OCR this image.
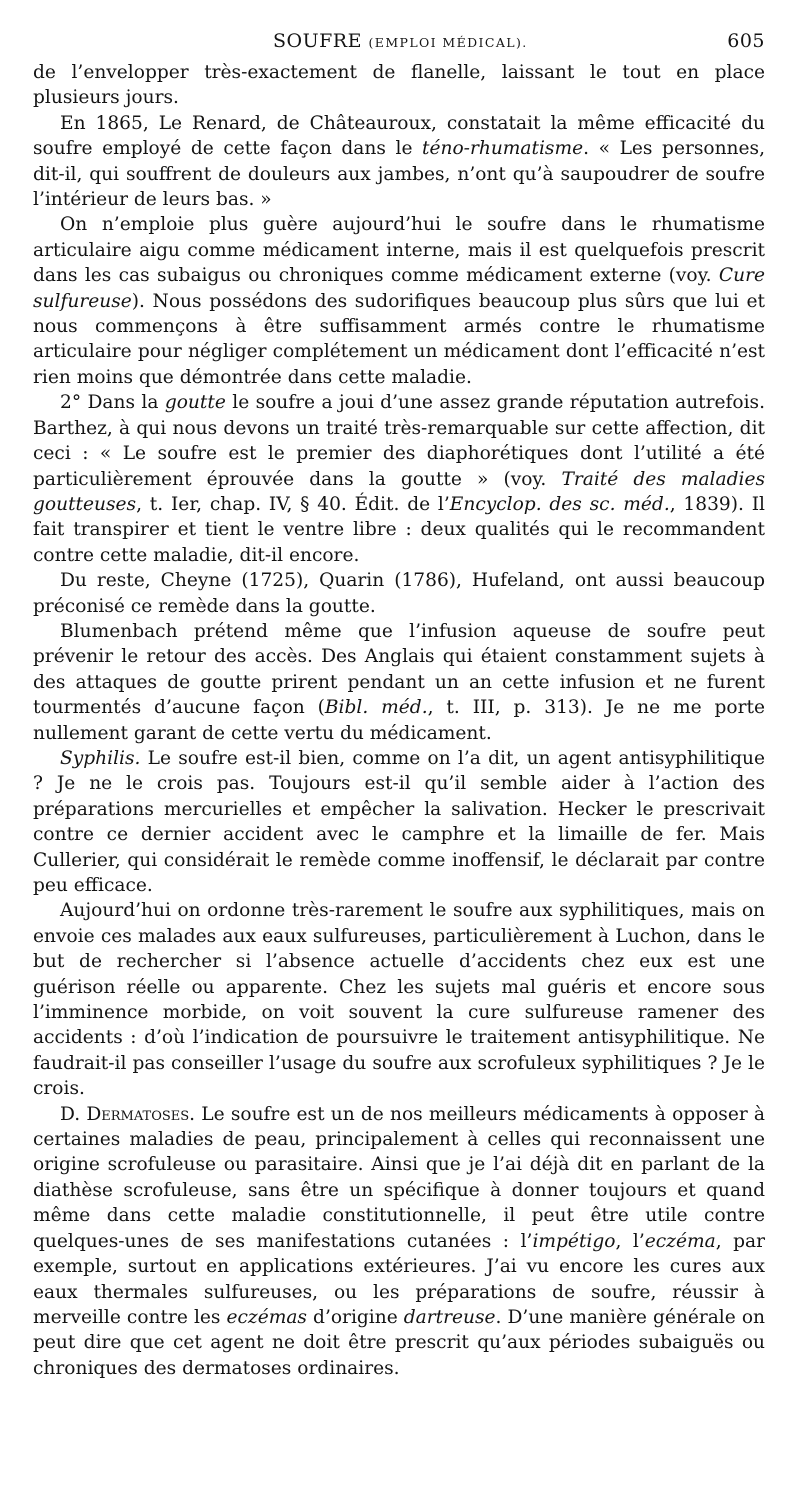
SOUFRE (EMPLOI MÉDICAL).	605

de l’envelopper très-exactement de flanelle, laissant le tout en place plusieurs jours.

En 1865, Le Renard, de Châteauroux, constatait la même efficacité du soufre employé de cette façon dans le téno-rhumatisme. « Les personnes, dit-il, qui souffrent de douleurs aux jambes, n’ont qu’à saupoudrer de soufre l’intérieur de leurs bas. »

On n’emploie plus guère aujourd’hui le soufre dans le rhumatisme articulaire aigu comme médicament interne, mais il est quelquefois prescrit dans les cas subaigus ou chroniques comme médicament externe (voy. Cure sulfureuse). Nous possédons des sudorifiques beaucoup plus sûrs que lui et nous commençons à être suffisamment armés contre le rhumatisme articulaire pour négliger complétement un médicament dont l’efficacité n’est rien moins que démontrée dans cette maladie.

2° Dans la goutte le soufre a joui d’une assez grande réputation autrefois. Barthez, à qui nous devons un traité très-remarquable sur cette affection, dit ceci : « Le soufre est le premier des diaphorétiques dont l’utilité a été particulièrement éprouvée dans la goutte » (voy. Traité des maladies goutteuses, t. Ier, chap. IV, § 40. Édit. de l’Encyclop. des sc. méd., 1839). Il fait transpirer et tient le ventre libre : deux qualités qui le recommandent contre cette maladie, dit-il encore.

Du reste, Cheyne (1725), Quarin (1786), Hufeland, ont aussi beaucoup préconisé ce remède dans la goutte.

Blumenbach prétend même que l’infusion aqueuse de soufre peut prévenir le retour des accès. Des Anglais qui étaient constamment sujets à des attaques de goutte prirent pendant un an cette infusion et ne furent tourmentés d’aucune façon (Bibl. méd., t. III, p. 313). Je ne me porte nullement garant de cette vertu du médicament.

Syphilis. Le soufre est-il bien, comme on l’a dit, un agent antisyphilitique ? Je ne le crois pas. Toujours est-il qu’il semble aider à l’action des préparations mercurielles et empêcher la salivation. Hecker le prescrivait contre ce dernier accident avec le camphre et la limaille de fer. Mais Cullerier, qui considérait le remède comme inoffensif, le déclarait par contre peu efficace.

Aujourd’hui on ordonne très-rarement le soufre aux syphilitiques, mais on envoie ces malades aux eaux sulfureuses, particulièrement à Luchon, dans le but de rechercher si l’absence actuelle d’accidents chez eux est une guérison réelle ou apparente. Chez les sujets mal guéris et encore sous l’imminence morbide, on voit souvent la cure sulfureuse ramener des accidents : d’où l’indication de poursuivre le traitement antisyphilitique. Ne faudrait-il pas conseiller l’usage du soufre aux scrofuleux syphilitiques ? Je le crois.

D. Dermatoses. Le soufre est un de nos meilleurs médicaments à opposer à certaines maladies de peau, principalement à celles qui reconnaissent une origine scrofuleuse ou parasitaire. Ainsi que je l’ai déjà dit en parlant de la diathèse scrofuleuse, sans être un spécifique à donner toujours et quand même dans cette maladie constitutionnelle, il peut être utile contre quelques-unes de ses manifestations cutanées : l’impétigo, l’eczéma, par exemple, surtout en applications extérieures. J’ai vu encore les cures aux eaux thermales sulfureuses, ou les préparations de soufre, réussir à merveille contre les eczémas d’origine dartreuse. D’une manière générale on peut dire que cet agent ne doit être prescrit qu’aux périodes subaiguës ou chroniques des dermatoses ordinaires.
